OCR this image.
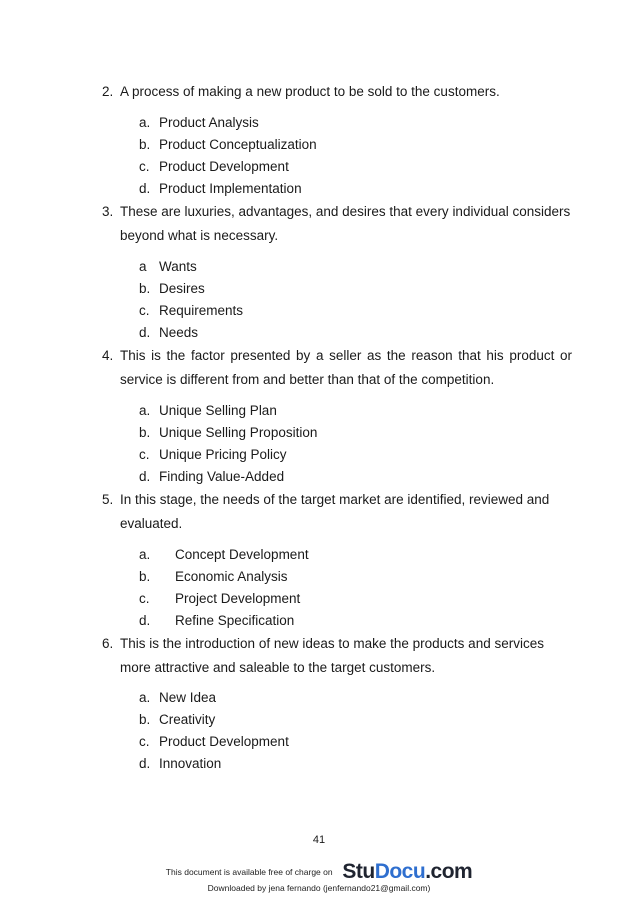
2. A process of making a new product to be sold to the customers.
a. Product Analysis
b. Product Conceptualization
c. Product Development
d. Product Implementation
3. These are luxuries, advantages, and desires that every individual considers beyond what is necessary.
a Wants
b. Desires
c. Requirements
d. Needs
4. This is the factor presented by a seller as the reason that his product or service is different from and better than that of the competition.
a. Unique Selling Plan
b. Unique Selling Proposition
c. Unique Pricing Policy
d. Finding Value-Added
5. In this stage, the needs of the target market are identified, reviewed and evaluated.
a. Concept Development
b. Economic Analysis
c. Project Development
d. Refine Specification
6. This is the introduction of new ideas to make the products and services more attractive and saleable to the target customers.
a. New Idea
b. Creativity
c. Product Development
d. Innovation
41
This document is available free of charge on StuDocu.com
Downloaded by jena fernando (jenfernando21@gmail.com)
